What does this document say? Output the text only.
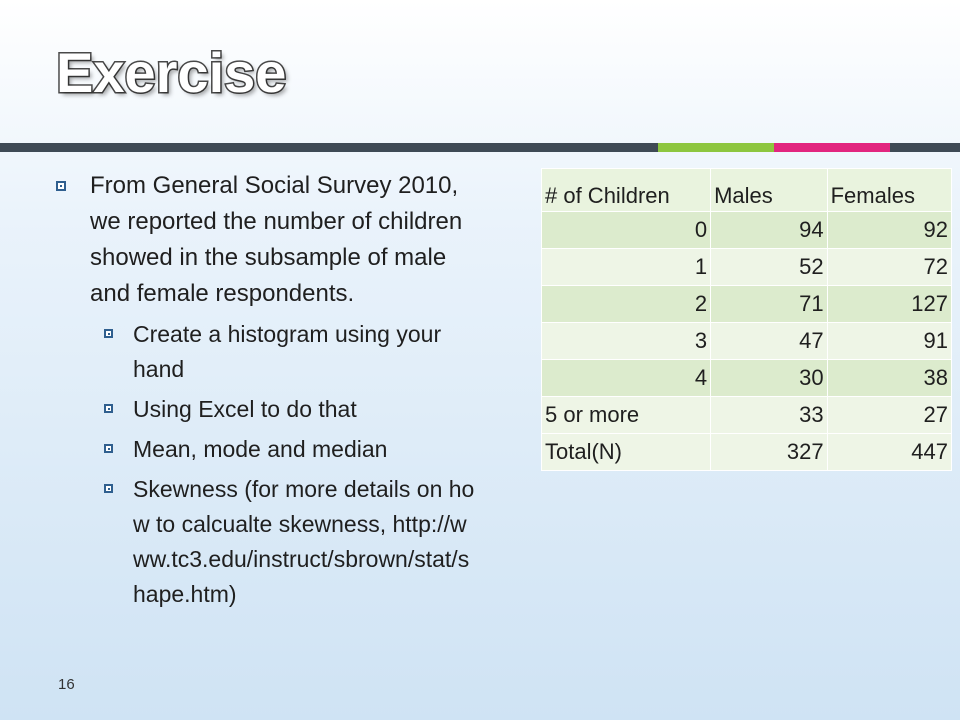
Exercise
From General Social Survey 2010, we reported the number of children showed in the subsample of male and female respondents.
Create a histogram using your hand
Using Excel to do that
Mean, mode and median
Skewness (for more details on how to calcualte skewness, http://www.tc3.edu/instruct/sbrown/stat/shape.htm)
# of Children	Males	Females
0	94	92
1	52	72
2	71	127
3	47	91
4	30	38
5 or more	33	27
Total(N)	327	447
16
